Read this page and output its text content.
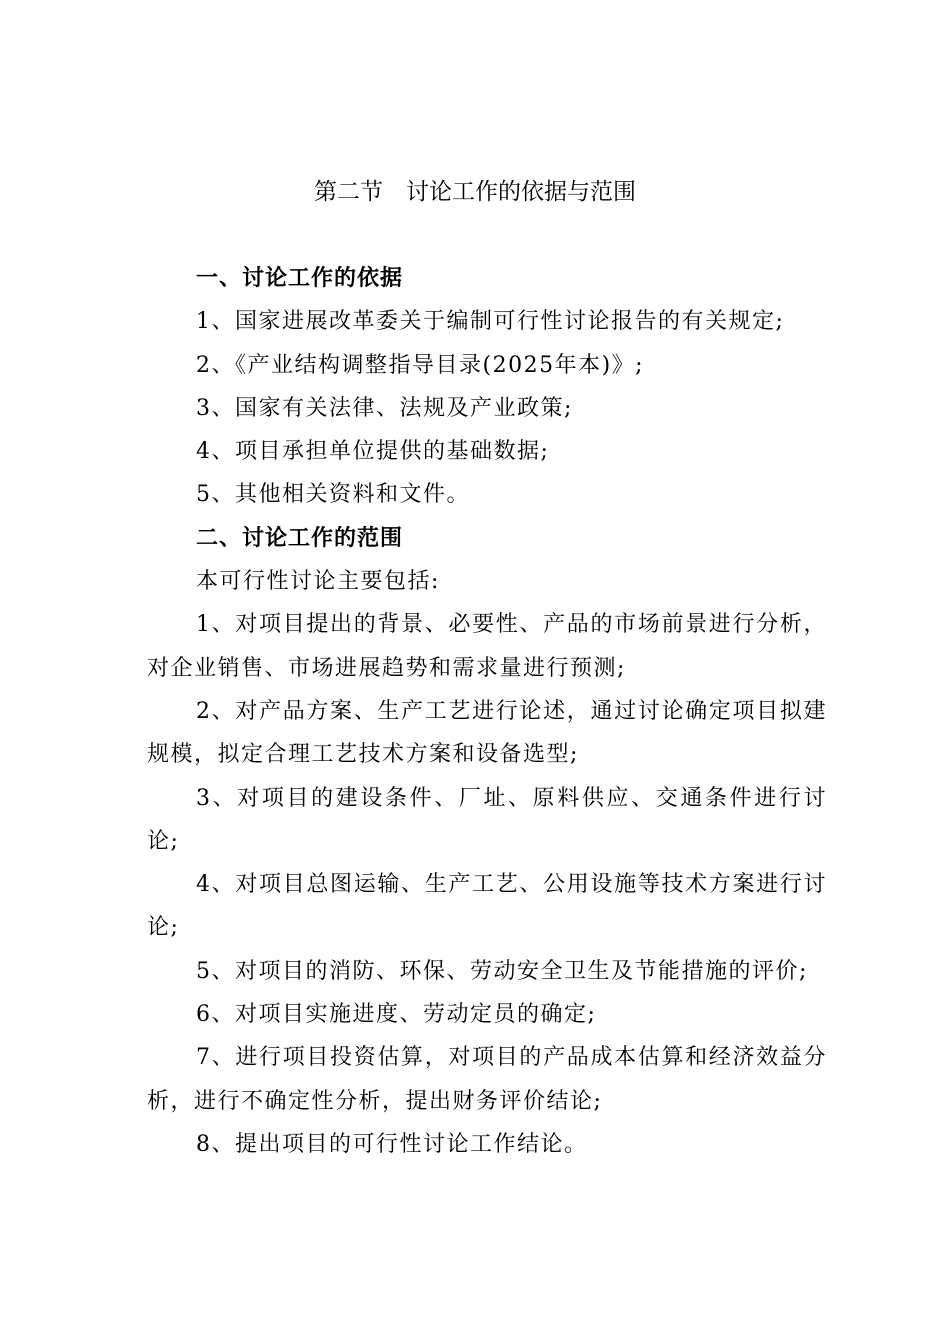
第二节　讨论工作的依据与范围

一、讨论工作的依据

1、国家进展改革委关于编制可行性讨论报告的有关规定;

2、《产业结构调整指导目录(2025年本)》;

3、国家有关法律、法规及产业政策;

4、项目承担单位提供的基础数据;

5、其他相关资料和文件。

二、讨论工作的范围

本可行性讨论主要包括:

1、对项目提出的背景、必要性、产品的市场前景进行分析，对企业销售、市场进展趋势和需求量进行预测;

2、对产品方案、生产工艺进行论述，通过讨论确定项目拟建规模，拟定合理工艺技术方案和设备选型;

3、对项目的建设条件、厂址、原料供应、交通条件进行讨论;

4、对项目总图运输、生产工艺、公用设施等技术方案进行讨论;

5、对项目的消防、环保、劳动安全卫生及节能措施的评价;

6、对项目实施进度、劳动定员的确定;

7、进行项目投资估算，对项目的产品成本估算和经济效益分析，进行不确定性分析，提出财务评价结论;

8、提出项目的可行性讨论工作结论。
